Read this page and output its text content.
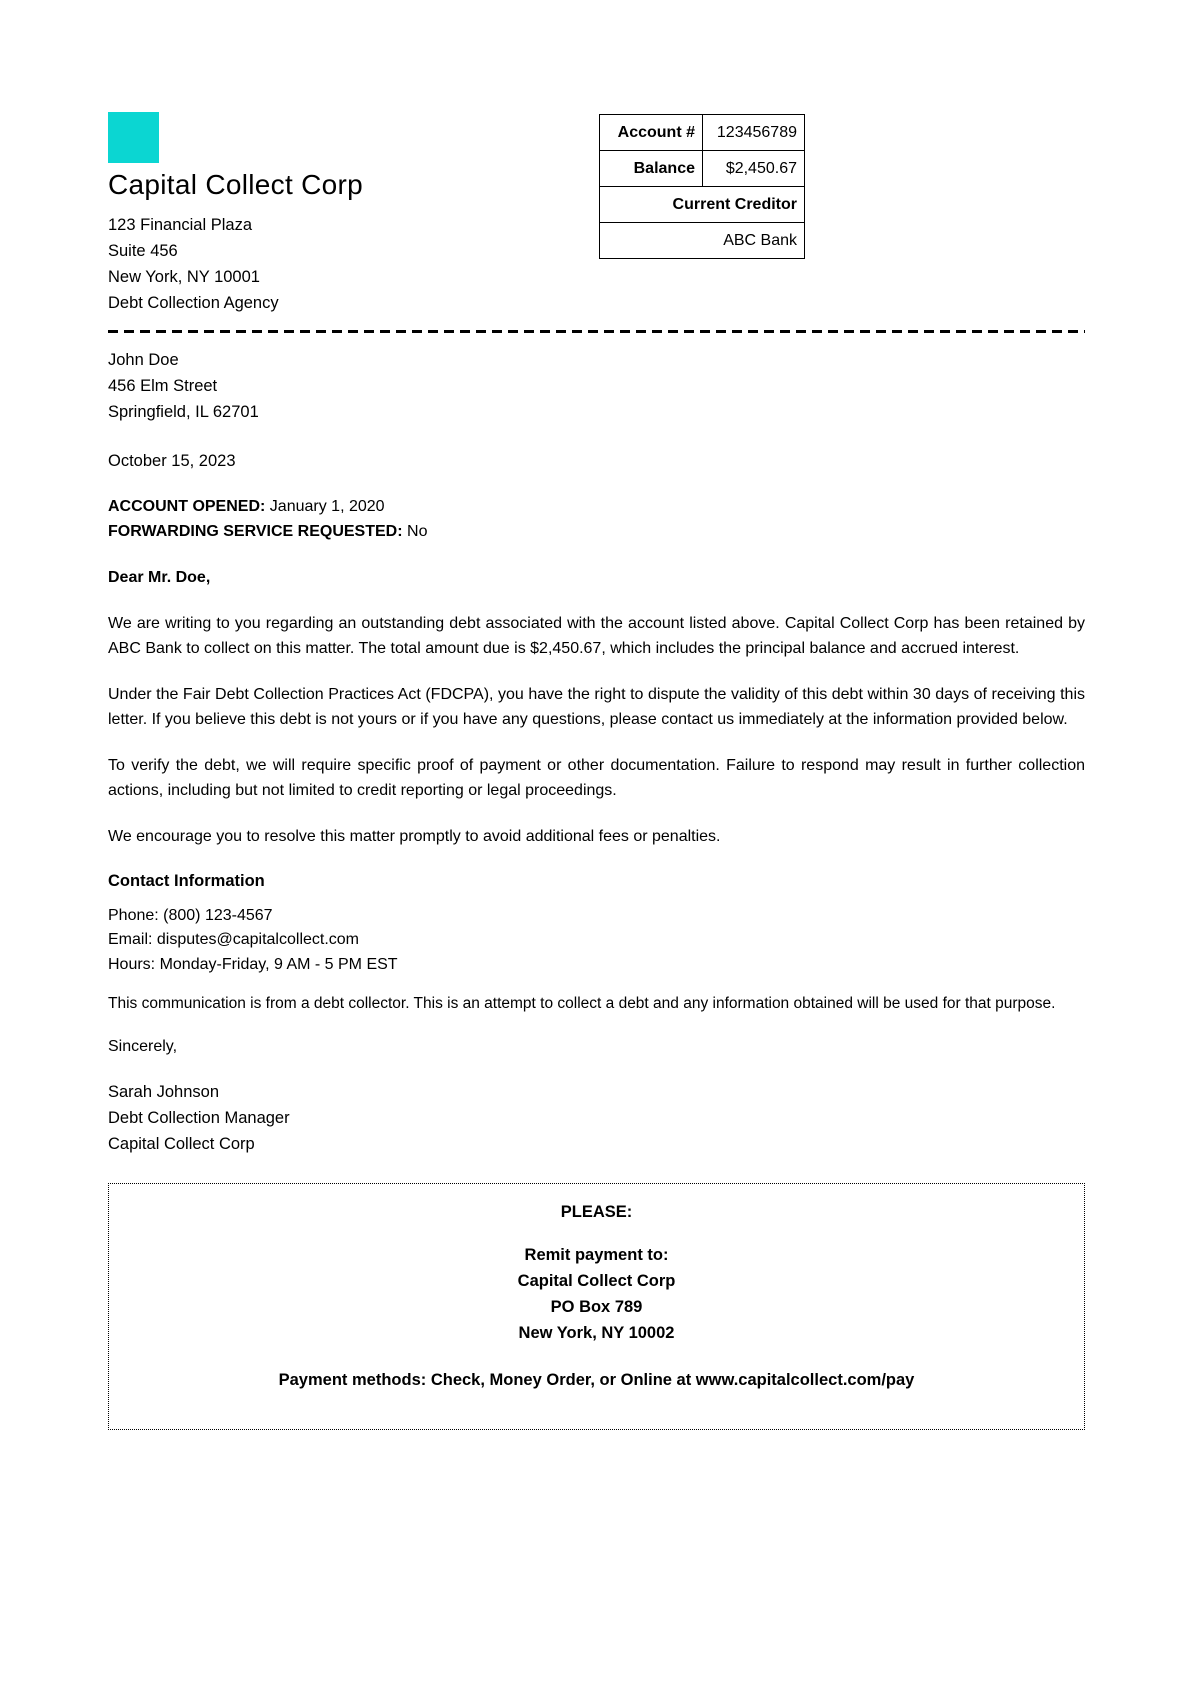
Capital Collect Corp
123 Financial Plaza
Suite 456
New York, NY 10001
Debt Collection Agency
Account #	123456789
Balance	$2,450.67
Current Creditor	
ABC Bank	
John Doe
456 Elm Street
Springfield, IL 62701

October 15, 2023

ACCOUNT OPENED: January 1, 2020
FORWARDING SERVICE REQUESTED: No

Dear Mr. Doe,

We are writing to you regarding an outstanding debt associated with the account listed above. Capital Collect Corp has been retained by ABC Bank to collect on this matter. The total amount due is $2,450.67, which includes the principal balance and accrued interest.

Under the Fair Debt Collection Practices Act (FDCPA), you have the right to dispute the validity of this debt within 30 days of receiving this letter. If you believe this debt is not yours or if you have any questions, please contact us immediately at the information provided below.

To verify the debt, we will require specific proof of payment or other documentation. Failure to respond may result in further collection actions, including but not limited to credit reporting or legal proceedings.

We encourage you to resolve this matter promptly to avoid additional fees or penalties.

Contact Information
Phone: (800) 123-4567
Email: disputes@capitalcollect.com
Hours: Monday-Friday, 9 AM - 5 PM EST

This communication is from a debt collector. This is an attempt to collect a debt and any information obtained will be used for that purpose.

Sincerely,

Sarah Johnson
Debt Collection Manager
Capital Collect Corp

PLEASE:

Remit payment to:
Capital Collect Corp
PO Box 789
New York, NY 10002

Payment methods: Check, Money Order, or Online at www.capitalcollect.com/pay
